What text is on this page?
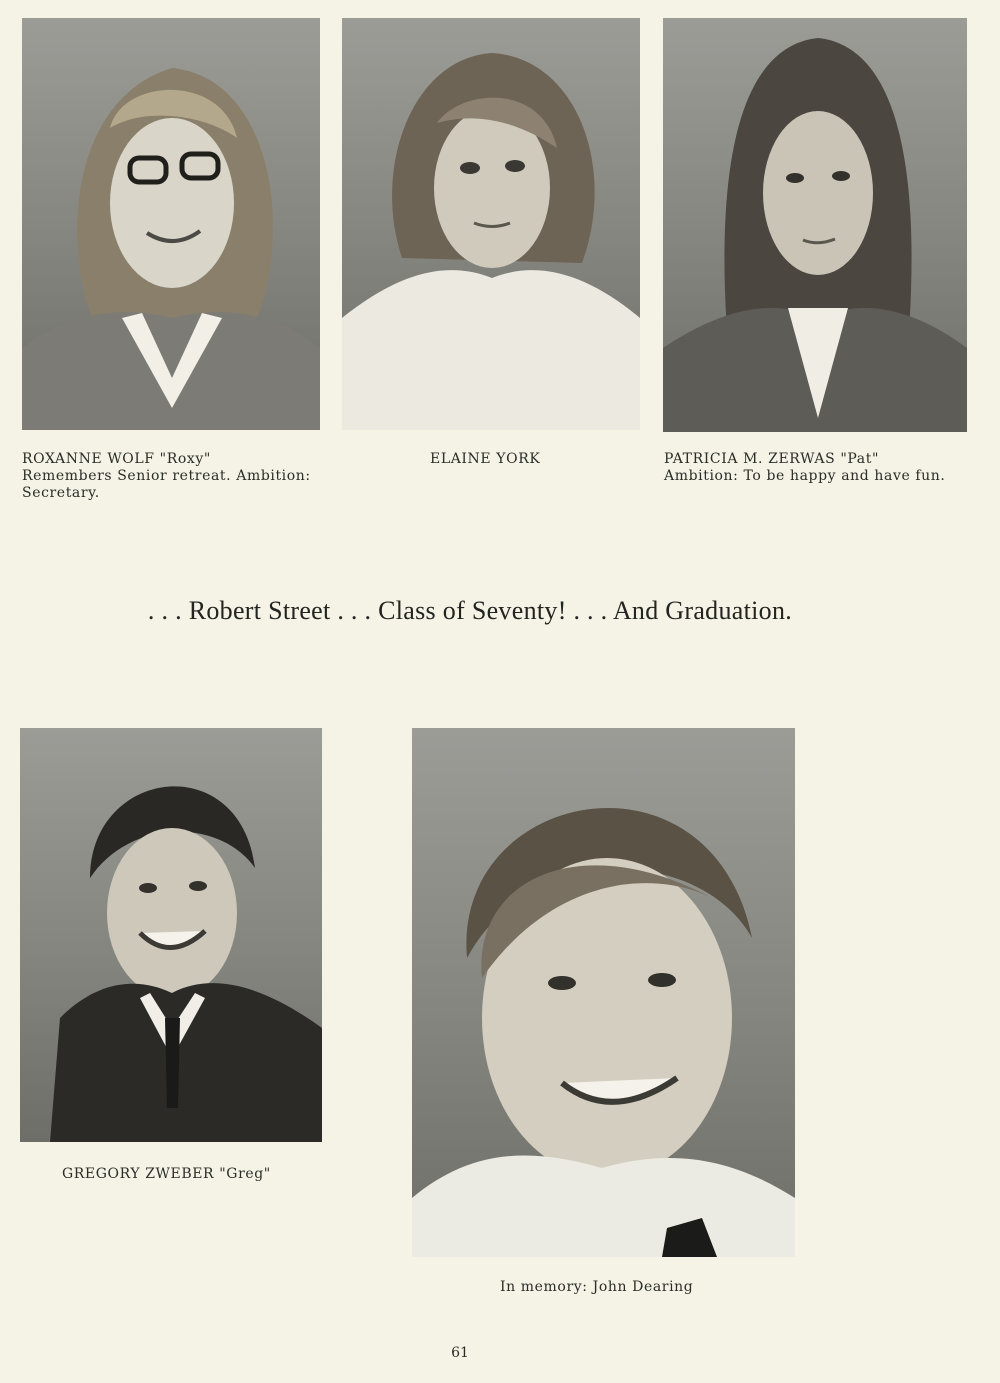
ROXANNE WOLF "Roxy"
Remembers Senior retreat. Ambition:
Secretary.
ELAINE YORK	PATRICIA M. ZERWAS "Pat"
Ambition: To be happy and have fun.
. . . Robert Street . . . Class of Seventy! . . . And Graduation.
GREGORY ZWEBER "Greg"
In memory: John Dearing
61
